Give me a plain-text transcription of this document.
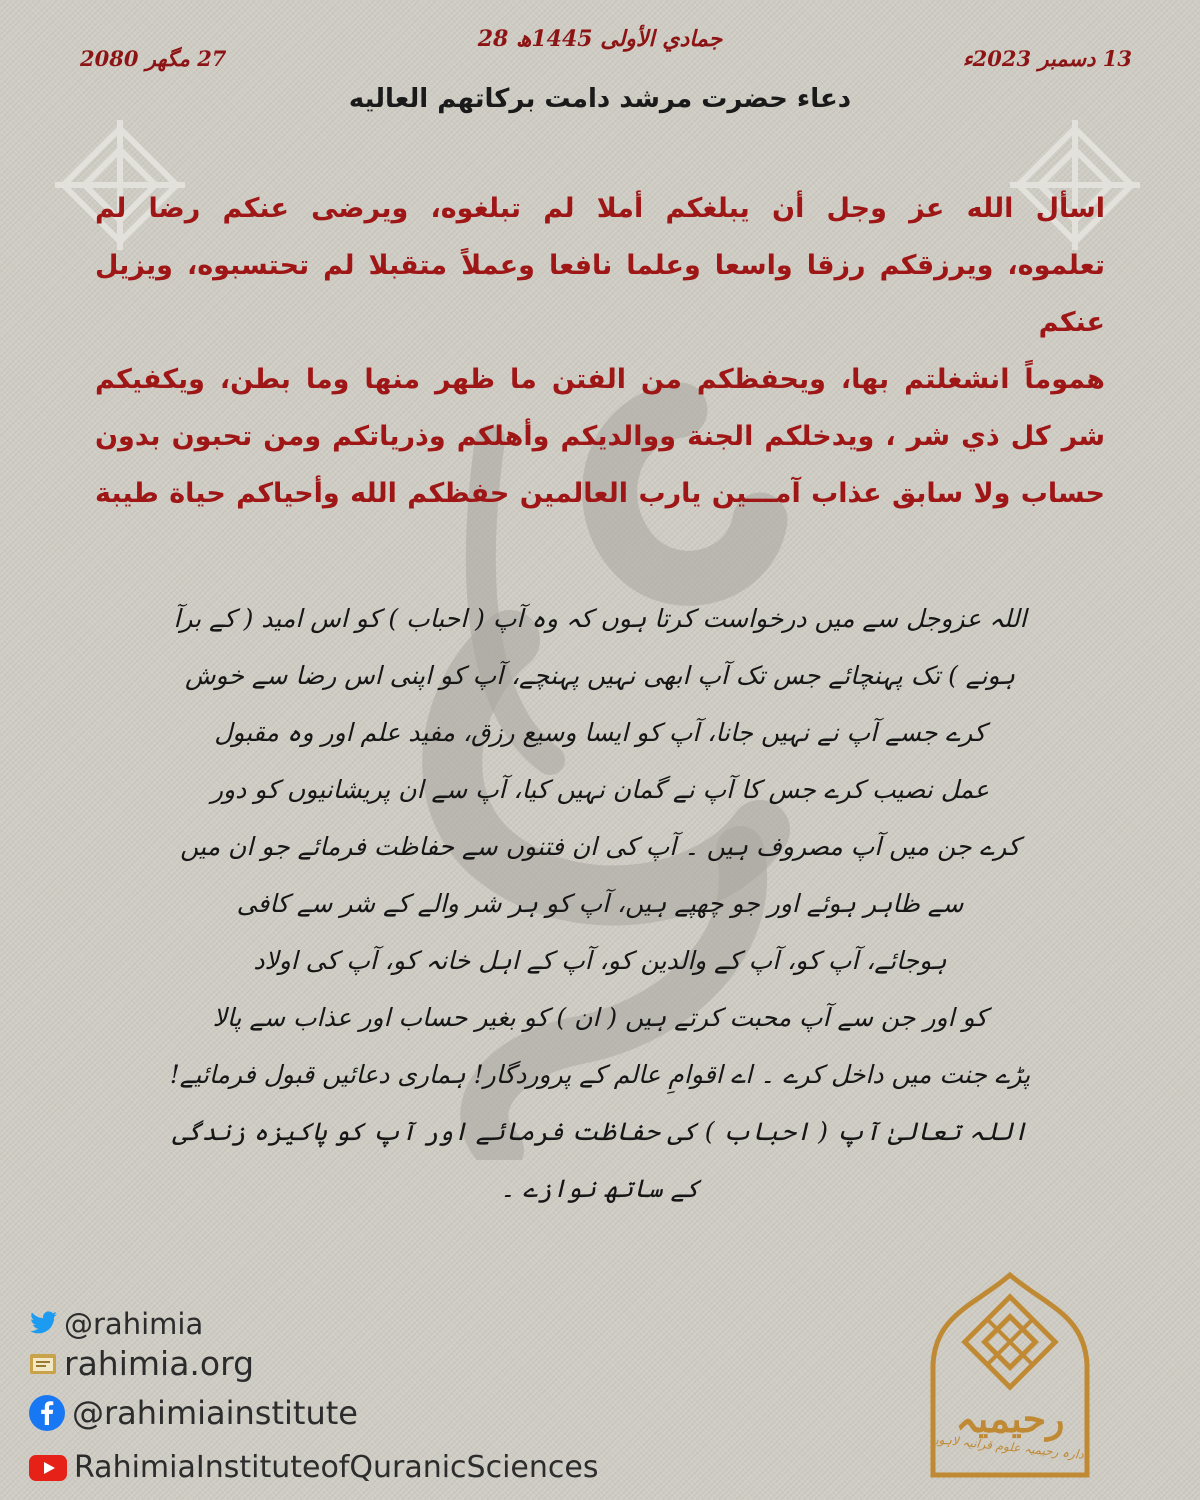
28 جمادي الأولى 1445ھ
13 دسمبر 2023ء
27 مگھر 2080
دعاء حضرت مرشد دامت برکاتهم العاليه

اسأل الله عز وجل أن يبلغكم أملا لم تبلغوه، ويرضى عنكم رضا لم
تعلموه، ويرزقكم رزقا واسعا وعلما نافعا وعملاً متقبلا لم تحتسبوه، ويزيل عنكم
هموماً انشغلتم بها، ويحفظكم من الفتن ما ظهر منها وما بطن، ويكفيكم
شر كل ذي شر ، ويدخلكم الجنة ووالديكم وأهلكم وذرياتكم ومن تحبون بدون
حساب ولا سابق عذاب آمـــين يارب العالمين حفظكم الله وأحياكم حياة طيبة

اللہ عزوجل سے میں درخواست کرتا ہوں کہ وہ آپ ( احباب ) کو اس امید ( کے برآ
ہونے ) تک پہنچائے جس تک آپ ابھی نہیں پہنچے، آپ کو اپنی اس رضا سے خوش
کرے جسے آپ نے نہیں جانا، آپ کو ایسا وسیع رزق، مفید علم اور وہ مقبول
عمل نصیب کرے جس کا آپ نے گمان نہیں کیا، آپ سے ان پریشانیوں کو دور
کرے جن میں آپ مصروف ہیں ۔ آپ کی ان فتنوں سے حفاظت فرمائے جو ان میں
سے ظاہر ہوئے اور جو چھپے ہیں، آپ کو ہر شر والے کے شر سے کافی
ہوجائے، آپ کو، آپ کے والدین کو، آپ کے اہل خانہ کو، آپ کی اولاد
کو اور جن سے آپ محبت کرتے ہیں ( ان ) کو بغیر حساب اور عذاب سے پالا
پڑے جنت میں داخل کرے ۔ اے اقوامِ عالم کے پروردگار! ہماری دعائیں قبول فرمائیے!
اللہ تعالیٰ آپ ( احباب ) کی حفاظت فرمائے اور آپ کو پاکیزہ زندگی کے ساتھ نوازے ۔

@rahimia
rahimia.org
@rahimiainstitute
RahimiaInstituteofQuranicSciences
رحیمیہ
ادارہ رحیمیہ علوم قرآنیہ لاہور
